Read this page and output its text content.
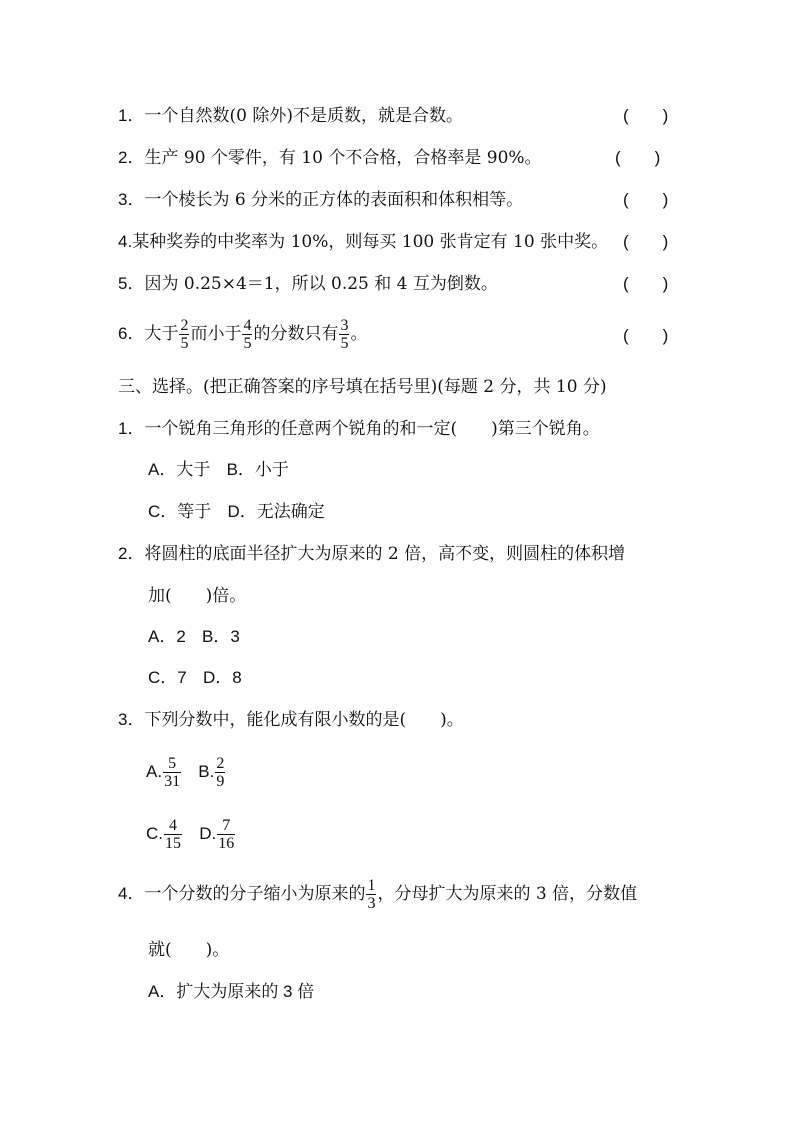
1．一个自然数(0 除外)不是质数，就是合数。	(　　)
2．生产 90 个零件，有 10 个不合格，合格率是 90%。	(　　)
3．一个棱长为 6 分米的正方体的表面积和体积相等。	(　　)
4.某种奖券的中奖率为 10%，则每买 100 张肯定有 10 张中奖。 (　　)
5．因为 0.25×4＝1，所以 0.25 和 4 互为倒数。	(　　)
6．大于 $\frac{2}{5}$ 而小于 $\frac{4}{5}$ 的分数只有 $\frac{3}{5}$ 。	(　　)
三、选择。(把正确答案的序号填在括号里)(每题 2 分，共 10 分)
1．一个锐角三角形的任意两个锐角的和一定(　　)第三个锐角。
A．大于 B．小于
C．等于 D．无法确定
2．将圆柱的底面半径扩大为原来的 2 倍，高不变，则圆柱的体积增
加(　　)倍。
A．2 B．3
C．7 D．8
3．下列分数中，能化成有限小数的是(　　)。
A. $\frac{5}{31} B$. $\frac{2}{9}$
C. $\frac{4}{15} D$. $\frac{7}{16}$
4．一个分数的分子缩小为原来的 $\frac{1}{3}$ ，分母扩大为原来的 3 倍，分数值
就(　　)。
A．扩大为原来的 3 倍
